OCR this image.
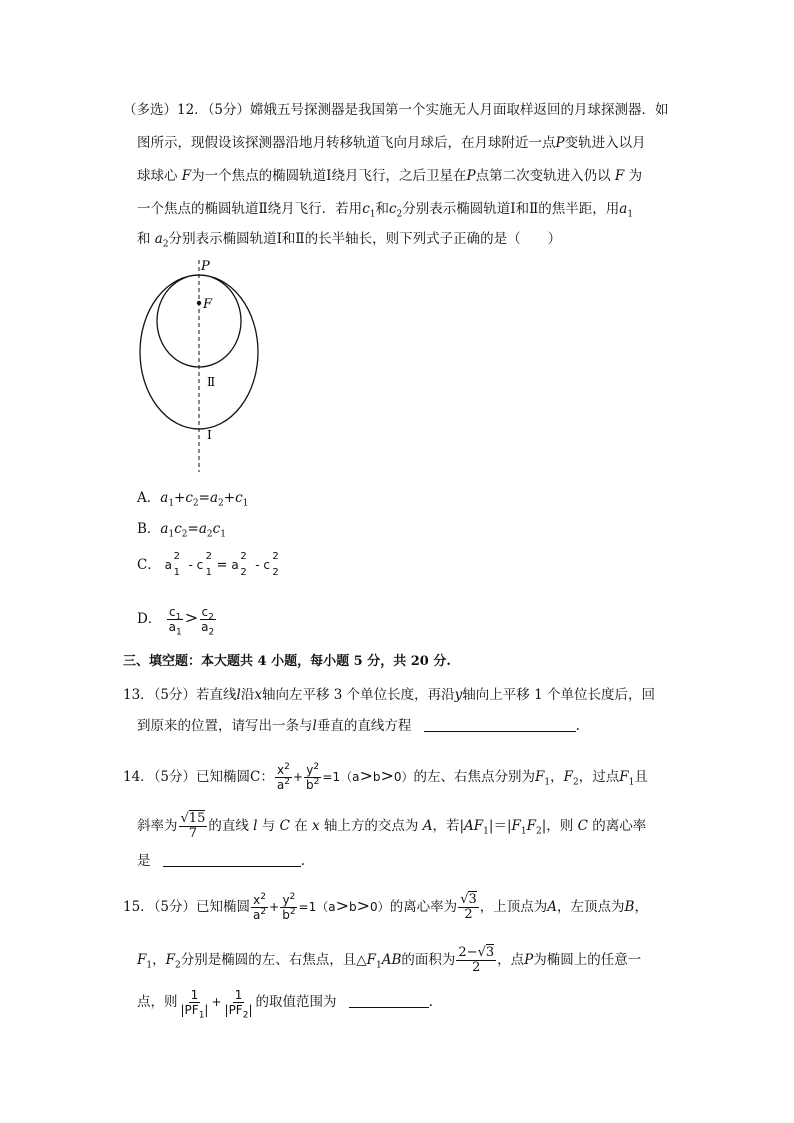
（多选）12．（5分）嫦娥五号探测器是我国第一个实施无人月面取样返回的月球探测器．如
图所示，现假设该探测器沿地月转移轨道飞向月球后，在月球附近一点P变轨进入以月
球球心 F为一个焦点的椭圆轨道Ⅰ绕月飞行，之后卫星在P点第二次变轨进入仍以 F 为
一个焦点的椭圆轨道Ⅱ绕月飞行．若用$c_1$和$c_2$分别表示椭圆轨道Ⅰ和Ⅱ的焦半距，用$a_1$
和 $a_2$分别表示椭圆轨道Ⅰ和Ⅱ的长半轴长，则下列式子正确的是（　　）
P
F
Ⅱ
Ⅰ
A．$a_1+c_2=a_2+c_1$
B．$a_1c_2=a_2c_1$
C． a
2
1
- c
2
1 = a
2
2
- c
2
2
D． $\frac{c_1}{a_1} > \frac{c_2}{a_2}$
三、填空题：本大题共 4 小题，每小题 5 分，共 20 分.
13．（5分）若直线l沿x轴向左平移 3 个单位长度，再沿y轴向上平移 1 个单位长度后，回
到原来的位置，请写出一条与l垂直的直线方程	.
14．（5分）已知椭圆C： $\frac{x^2}{a^2} + \frac{y^2}{b^2} =1(a>b>0)$的左、右焦点分别为$F_1$，$F_2$，过点$F_1$且
斜率为 $\frac{√15}{7}$ 的直线 l 与 C 在 x 轴上方的交点为 A，若$|AF_1|=|F_1F_2|$，则 C 的离心率
是	.
15．（5分）已知椭圆 $\frac{x^2}{a^2} + \frac{y^2}{b^2} =1(a>b>0)$的离心率为 $\frac{√3}{2}$ ，上顶点为A，左顶点为B，
$F_1$，$F_2$分别是椭圆的左、右焦点，且$\triangle F_1AB$的面积为 $\frac{2-√3}{2}$ ，点P为椭圆上的任意一
点，则 $\frac{1}{|PF_1|} + \frac{1}{|PF_2|}$ 的取值范围为	.
